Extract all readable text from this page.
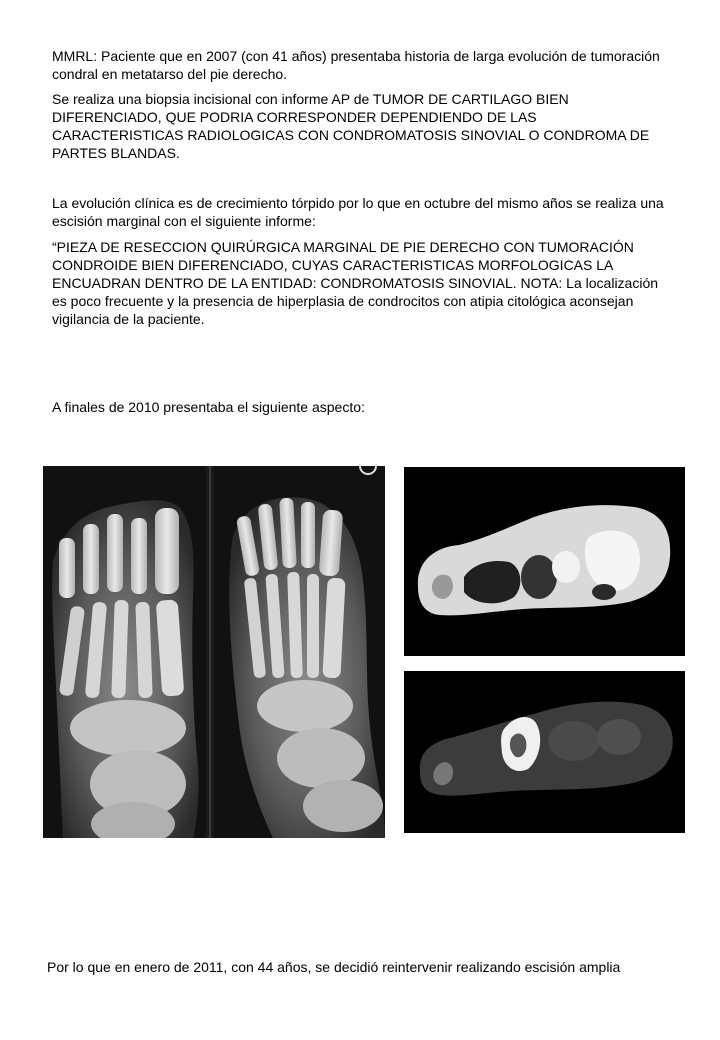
MMRL: Paciente que en 2007 (con 41 años) presentaba historia de larga evolución de tumoración condral en metatarso del pie derecho.

Se realiza una biopsia incisional con informe AP de TUMOR DE CARTILAGO BIEN DIFERENCIADO, QUE PODRIA CORRESPONDER DEPENDIENDO DE LAS CARACTERISTICAS RADIOLOGICAS CON CONDROMATOSIS SINOVIAL O CONDROMA DE PARTES BLANDAS.

La evolución clínica es de crecimiento tórpido por lo que en octubre del mismo años se realiza una escisión marginal con el siguiente informe:

“PIEZA DE RESECCION QUIRÚRGICA MARGINAL DE PIE DERECHO CON TUMORACIÓN CONDROIDE BIEN DIFERENCIADO, CUYAS CARACTERISTICAS MORFOLOGICAS LA ENCUADRAN DENTRO DE LA ENTIDAD: CONDROMATOSIS SINOVIAL. NOTA: La localización es poco frecuente y la presencia de hiperplasia de condrocitos con atipia citológica aconsejan vigilancia de la paciente.

A finales de 2010 presentaba el siguiente aspecto:

Por lo que en enero de 2011, con 44 años, se decidió reintervenir realizando escisión amplia
